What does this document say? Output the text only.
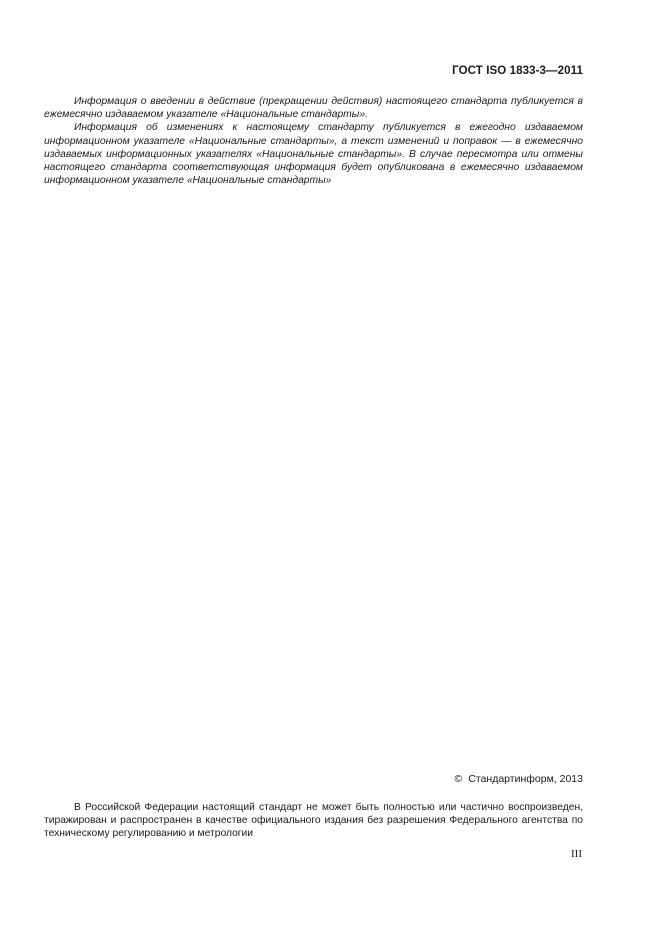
ГОСТ ISO 1833-3—2011

Информация о введении в действие (прекращении действия) настоящего стандарта публикуется в ежемесячно издаваемом указателе «Национальные стандарты».

Информация об изменениях к настоящему стандарту публикуется в ежегодно издаваемом информационном указателе «Национальные стандарты», а текст изменений и поправок — в ежемесячно издаваемых информационных указателях «Национальные стандарты». В случае пересмотра или отмены настоящего стандарта соответствующая информация будет опубликована в ежемесячно издаваемом информационном указателе «Национальные стандарты»

© Стандартинформ, 2013

В Российской Федерации настоящий стандарт не может быть полностью или частично воспроизведен, тиражирован и распространен в качестве официального издания без разрешения Федерального агентства по техническому регулированию и метрологии

III
